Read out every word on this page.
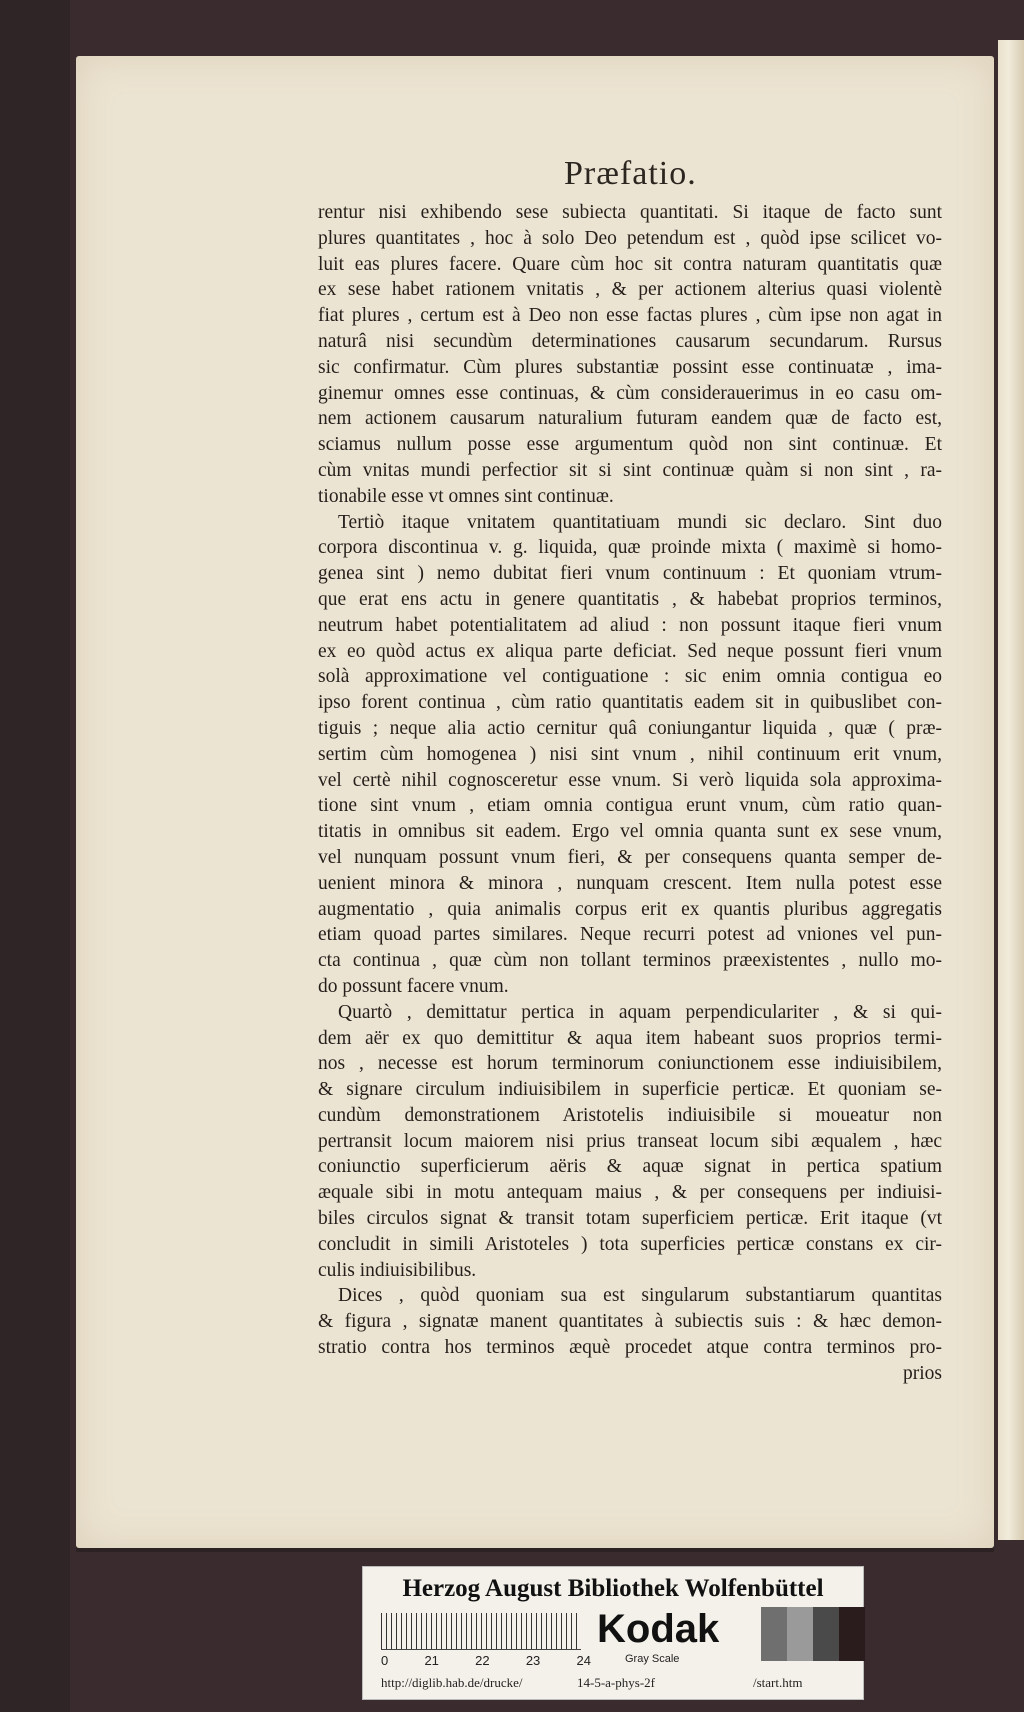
Præfatio.
rentur nisi exhibendo sese subiecta quantitati. Si itaque de facto sunt
plures quantitates , hoc à solo Deo petendum est , quòd ipse scilicet vo-
luit eas plures facere. Quare cùm hoc sit contra naturam quantitatis quæ
ex sese habet rationem vnitatis , & per actionem alterius quasi violentè
fiat plures , certum est à Deo non esse factas plures , cùm ipse non agat in
naturâ nisi secundùm determinationes causarum secundarum. Rursus
sic confirmatur. Cùm plures substantiæ possint esse continuatæ , ima-
ginemur omnes esse continuas, & cùm considerauerimus in eo casu om-
nem actionem causarum naturalium futuram eandem quæ de facto est,
sciamus nullum posse esse argumentum quòd non sint continuæ. Et
cùm vnitas mundi perfectior sit si sint continuæ quàm si non sint , ra-
tionabile esse vt omnes sint continuæ.
Tertiò itaque vnitatem quantitatiuam mundi sic declaro. Sint duo
corpora discontinua v. g. liquida, quæ proinde mixta ( maximè si homo-
genea sint ) nemo dubitat fieri vnum continuum : Et quoniam vtrum-
que erat ens actu in genere quantitatis , & habebat proprios terminos,
neutrum habet potentialitatem ad aliud : non possunt itaque fieri vnum
ex eo quòd actus ex aliqua parte deficiat. Sed neque possunt fieri vnum
solà approximatione vel contiguatione : sic enim omnia contigua eo
ipso forent continua , cùm ratio quantitatis eadem sit in quibuslibet con-
tiguis ; neque alia actio cernitur quâ coniungantur liquida , quæ ( præ-
sertim cùm homogenea ) nisi sint vnum , nihil continuum erit vnum,
vel certè nihil cognosceretur esse vnum. Si verò liquida sola approxima-
tione sint vnum , etiam omnia contigua erunt vnum, cùm ratio quan-
titatis in omnibus sit eadem. Ergo vel omnia quanta sunt ex sese vnum,
vel nunquam possunt vnum fieri, & per consequens quanta semper de-
uenient minora & minora , nunquam crescent. Item nulla potest esse
augmentatio , quia animalis corpus erit ex quantis pluribus aggregatis
etiam quoad partes similares. Neque recurri potest ad vniones vel pun-
cta continua , quæ cùm non tollant terminos præexistentes , nullo mo-
do possunt facere vnum.
Quartò , demittatur pertica in aquam perpendiculariter , & si qui-
dem aër ex quo demittitur & aqua item habeant suos proprios termi-
nos , necesse est horum terminorum coniunctionem esse indiuisibilem,
& signare circulum indiuisibilem in superficie perticæ. Et quoniam se-
cundùm demonstrationem Aristotelis indiuisibile si moueatur non
pertransit locum maiorem nisi prius transeat locum sibi æqualem , hæc
coniunctio superficierum aëris & aquæ signat in pertica spatium
æquale sibi in motu antequam maius , & per consequens per indiuisi-
biles circulos signat & transit totam superficiem perticæ. Erit itaque (vt
concludit in simili Aristoteles ) tota superficies perticæ constans ex cir-
culis indiuisibilibus.
Dices , quòd quoniam sua est singularum substantiarum quantitas
& figura , signatæ manent quantitates à subiectis suis : & hæc demon-
stratio contra hos terminos æquè procedet atque contra terminos pro-
prios
Herzog August Bibliothek Wolfenbüttel
0	21	22	23	24
Kodak
Gray Scale
http://diglib.hab.de/drucke/	14-5-a-phys-2f	/start.htm
